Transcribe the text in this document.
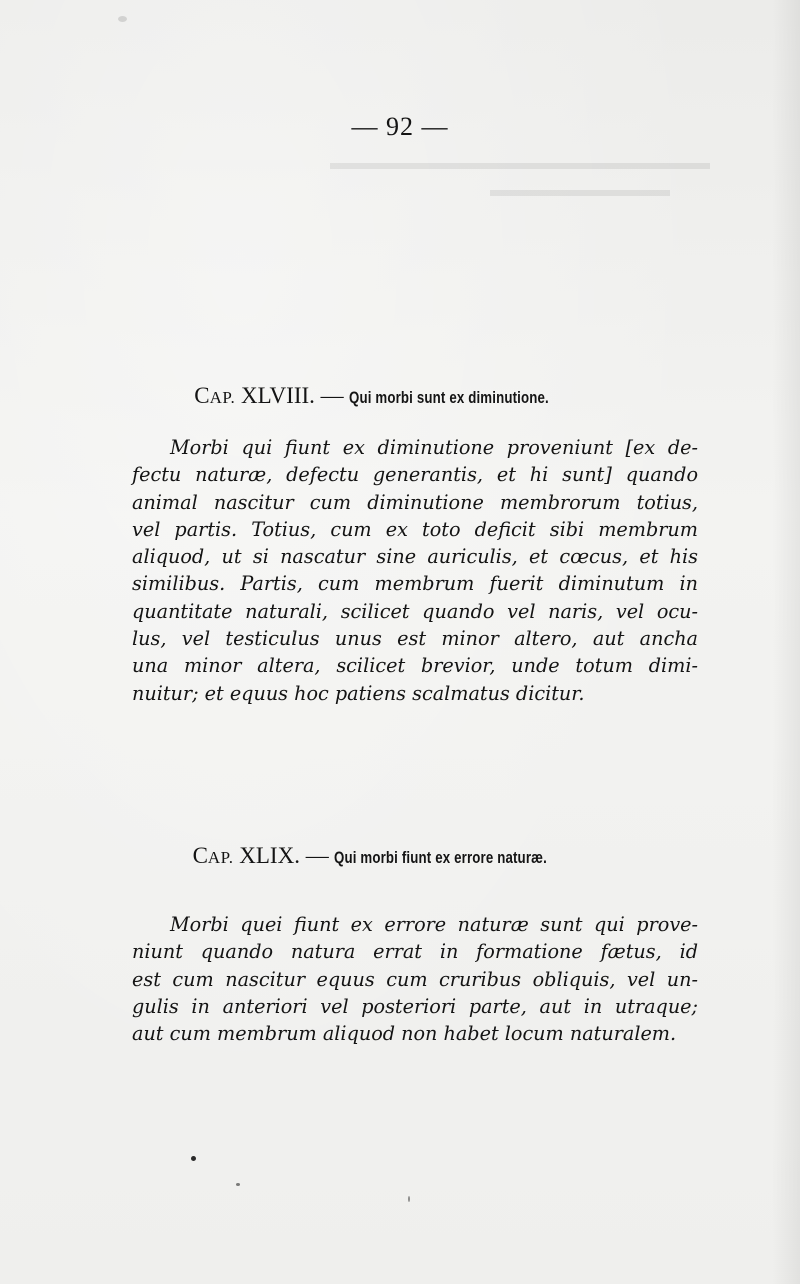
▬▬▬▬▬▬▬▬▬▬▬▬▬▬▬▬▬▬▬
▬▬▬▬▬▬▬▬▬
— 92 —
CAP. XLVIII. — Qui morbi sunt ex diminutione.
Morbi qui fiunt ex diminutione proveniunt [ex de-
fectu naturæ, defectu generantis, et hi sunt] quando
animal nascitur cum diminutione membrorum totius,
vel partis. Totius, cum ex toto deficit sibi membrum
aliquod, ut si nascatur sine auriculis, et cœcus, et his
similibus. Partis, cum membrum fuerit diminutum in
quantitate naturali, scilicet quando vel naris, vel ocu-
lus, vel testiculus unus est minor altero, aut ancha
una minor altera, scilicet brevior, unde totum dimi-
nuitur; et equus hoc patiens scalmatus dicitur.
CAP. XLIX. — Qui morbi fiunt ex errore naturæ.
Morbi quei fiunt ex errore naturæ sunt qui prove-
niunt quando natura errat in formatione fætus, id
est cum nascitur equus cum cruribus obliquis, vel un-
gulis in anteriori vel posteriori parte, aut in utraque;
aut cum membrum aliquod non habet locum naturalem.
